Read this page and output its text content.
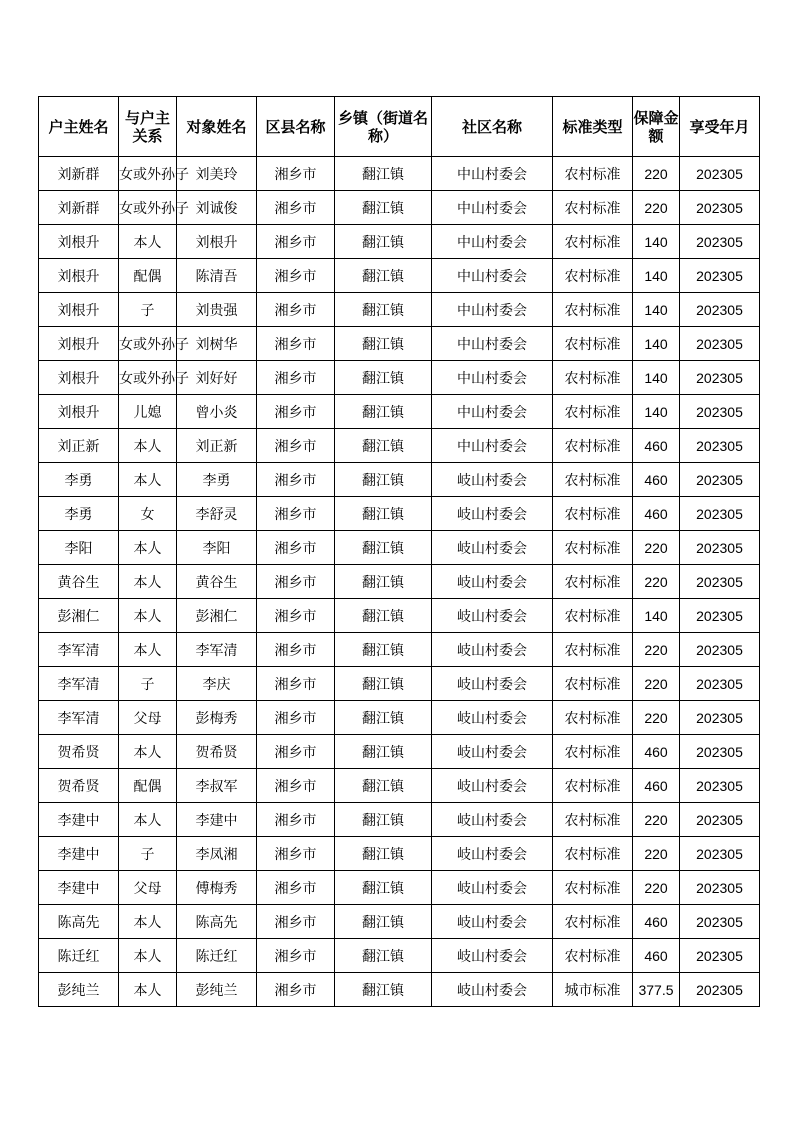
户主姓名	与户主关系	对象姓名	区县名称	乡镇（街道名称）	社区名称	标准类型	保障金额	享受年月
刘新群	女或外孙子	刘美玲	湘乡市	翻江镇	中山村委会	农村标准	220	202305
刘新群	女或外孙子	刘诚俊	湘乡市	翻江镇	中山村委会	农村标准	220	202305
刘根升	本人	刘根升	湘乡市	翻江镇	中山村委会	农村标准	140	202305
刘根升	配偶	陈清吾	湘乡市	翻江镇	中山村委会	农村标准	140	202305
刘根升	子	刘贵强	湘乡市	翻江镇	中山村委会	农村标准	140	202305
刘根升	女或外孙子	刘树华	湘乡市	翻江镇	中山村委会	农村标准	140	202305
刘根升	女或外孙子	刘好好	湘乡市	翻江镇	中山村委会	农村标准	140	202305
刘根升	儿媳	曾小炎	湘乡市	翻江镇	中山村委会	农村标准	140	202305
刘正新	本人	刘正新	湘乡市	翻江镇	中山村委会	农村标准	460	202305
李勇	本人	李勇	湘乡市	翻江镇	岐山村委会	农村标准	460	202305
李勇	女	李舒灵	湘乡市	翻江镇	岐山村委会	农村标准	460	202305
李阳	本人	李阳	湘乡市	翻江镇	岐山村委会	农村标准	220	202305
黄谷生	本人	黄谷生	湘乡市	翻江镇	岐山村委会	农村标准	220	202305
彭湘仁	本人	彭湘仁	湘乡市	翻江镇	岐山村委会	农村标准	140	202305
李军清	本人	李军清	湘乡市	翻江镇	岐山村委会	农村标准	220	202305
李军清	子	李庆	湘乡市	翻江镇	岐山村委会	农村标准	220	202305
李军清	父母	彭梅秀	湘乡市	翻江镇	岐山村委会	农村标准	220	202305
贺希贤	本人	贺希贤	湘乡市	翻江镇	岐山村委会	农村标准	460	202305
贺希贤	配偶	李叔军	湘乡市	翻江镇	岐山村委会	农村标准	460	202305
李建中	本人	李建中	湘乡市	翻江镇	岐山村委会	农村标准	220	202305
李建中	子	李凤湘	湘乡市	翻江镇	岐山村委会	农村标准	220	202305
李建中	父母	傅梅秀	湘乡市	翻江镇	岐山村委会	农村标准	220	202305
陈高先	本人	陈高先	湘乡市	翻江镇	岐山村委会	农村标准	460	202305
陈迁红	本人	陈迁红	湘乡市	翻江镇	岐山村委会	农村标准	460	202305
彭纯兰	本人	彭纯兰	湘乡市	翻江镇	岐山村委会	城市标准	377.5	202305
